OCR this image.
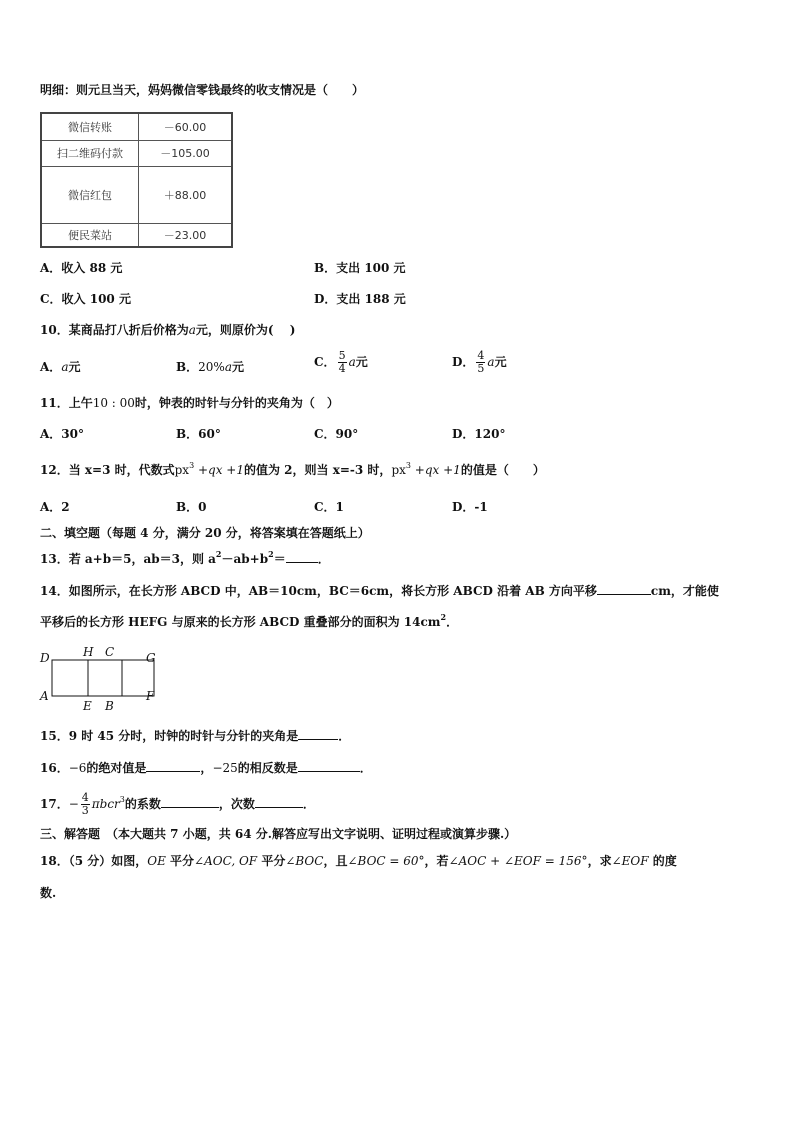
明细：则元旦当天，妈妈微信零钱最终的收支情况是（　　）
微信转账	－60.00
扫二维码付款	－105.00
微信红包	＋88.00
便民菜站	－23.00
A．收入 88 元	B．支出 100 元
C．收入 100 元	D．支出 188 元
10．某商品打八折后价格为a元，则原价为(　 )
A．a元	B．20%a元	C． $\frac{5}{4}$ a元	D． $\frac{4}{5}$ a元
11．上午10 : 00时，钟表的时针与分针的夹角为（　）
A．30°	B．60°	C．90°	D．120°
12．当 x=3 时，代数式$px^3 +qx +1$的值为 2，则当 x=-3 时，$px^3 +qx +1$的值是（　　）
A．2	B．0	C．1	D．-1
二、填空题（每题 4 分，满分 20 分，将答案填在答题纸上）
13．若 a+b＝5，ab＝3，则 $a^2-ab+b^2=$	．
14．如图所示，在长方形 ABCD 中，AB＝10cm，BC＝6cm，将长方形 ABCD 沿着 AB 方向平移	cm，才能使
平移后的长方形 HEFG 与原来的长方形 ABCD 重叠部分的面积为 $14cm^2$．
D	H C	G
A
E B
F
15．9 时 45 分时，时钟的时针与分针的夹角是	．
16．−6的绝对值是	，−25的相反数是	．
17．− $\frac{4}{3} \pi bcr^3$的系数	，次数	．
三、解答题　（本大题共 7 小题，共 64 分.解答应写出文字说明、证明过程或演算步骤.）
18．（5 分）如图，OE 平分∠AOC, OF 平分∠BOC，且∠BOC = 60°，若∠AOC + ∠EOF = 156°，求∠EOF 的度
数.
